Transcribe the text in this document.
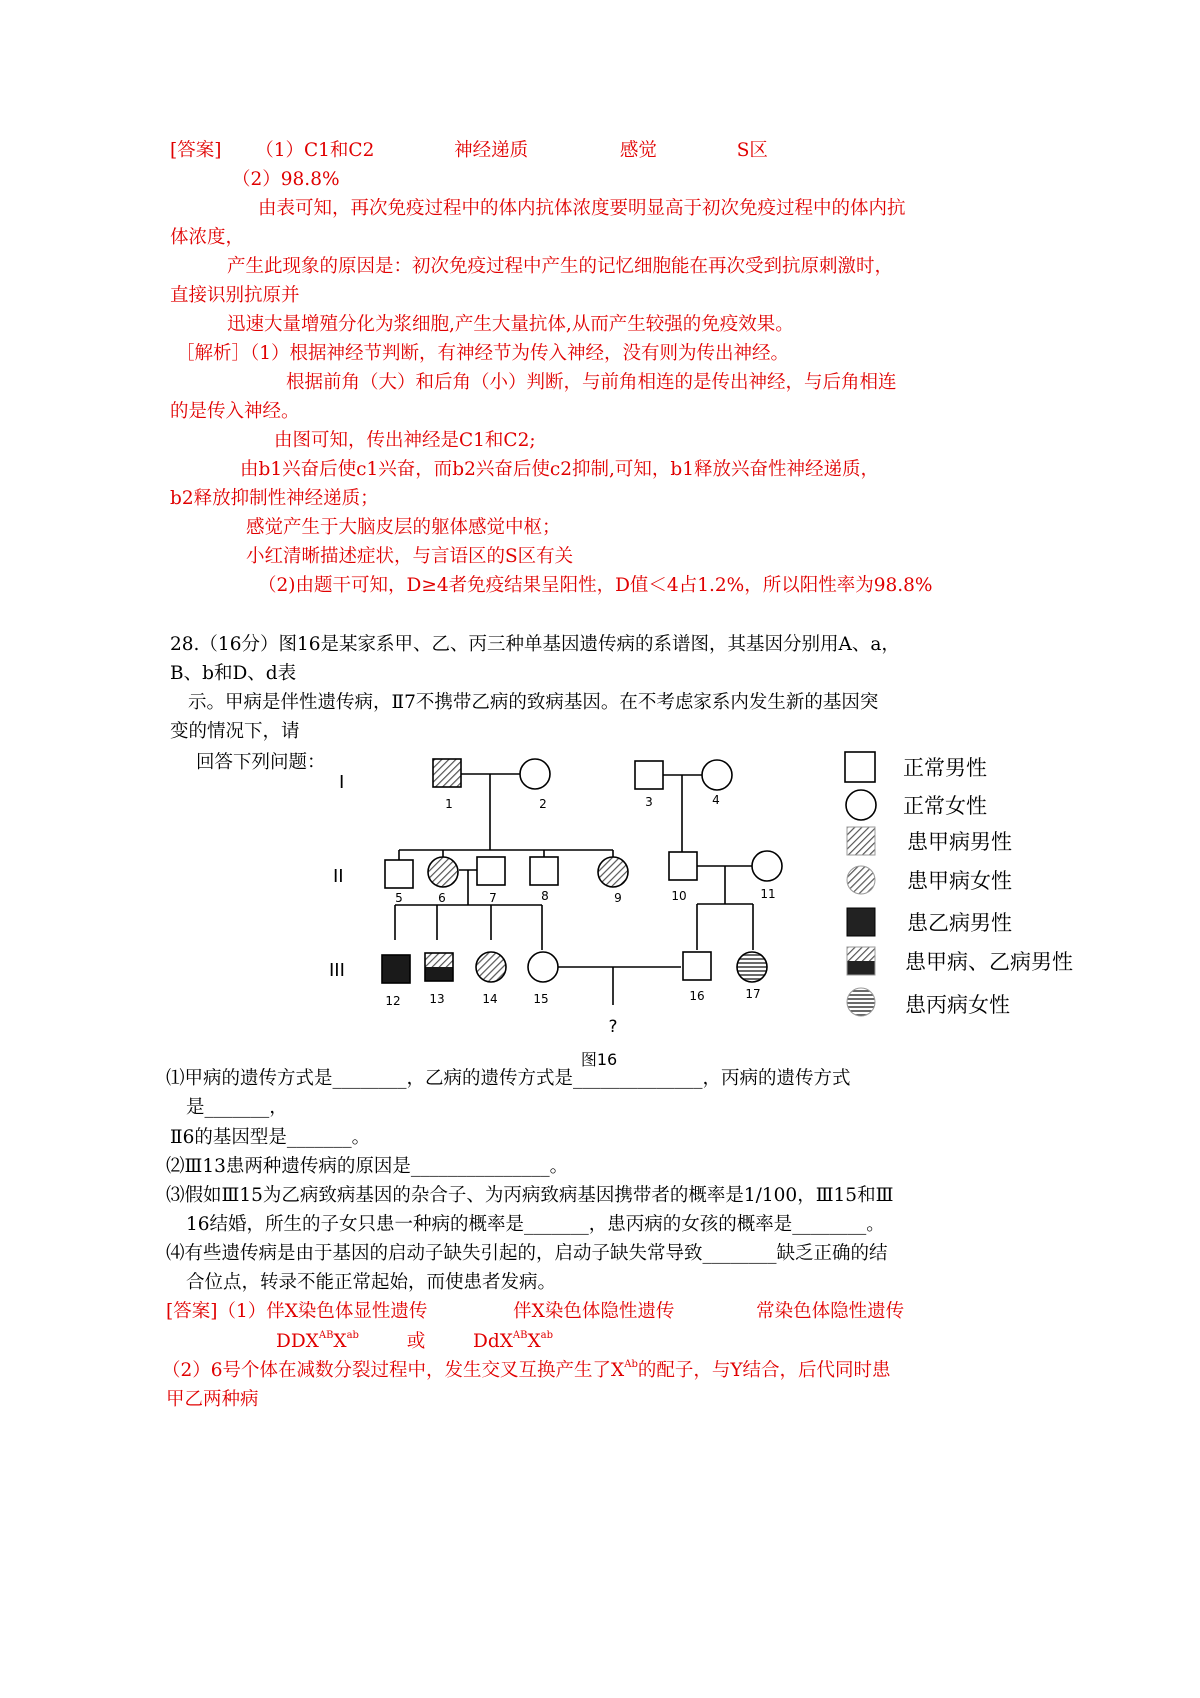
[答案] （1）C1和C2	神经递质	感觉	S区
（2）98.8%
由表可知，再次免疫过程中的体内抗体浓度要明显高于初次免疫过程中的体内抗
体浓度，
产生此现象的原因是：初次免疫过程中产生的记忆细胞能在再次受到抗原刺激时，
直接识别抗原并
迅速大量增殖分化为浆细胞,产生大量抗体,从而产生较强的免疫效果。
［解析］（1）根据神经节判断，有神经节为传入神经，没有则为传出神经。
根据前角（大）和后角（小）判断，与前角相连的是传出神经，与后角相连
的是传入神经。
由图可知，传出神经是C1和C2;
由b1兴奋后使c1兴奋，而b2兴奋后使c2抑制,可知，b1释放兴奋性神经递质，
b2释放抑制性神经递质；
感觉产生于大脑皮层的躯体感觉中枢；
小红清晰描述症状，与言语区的S区有关
（2)由题干可知，D≥4者免疫结果呈阳性，D值＜4占1.2%，所以阳性率为98.8%
28.（16分）图16是某家系甲、乙、丙三种单基因遗传病的系谱图，其基因分别用A、a，
B、b和D、d表
示。甲病是伴性遗传病，Ⅱ7不携带乙病的致病基因。在不考虑家系内发生新的基因突
变的情况下，请
回答下列问题：
I
II
III
1	2	3	4
5	6	7	8	9	10	11
12 13	14	15	16	17
?
图16
正常男性
正常女性
患甲病男性
患甲病女性
患乙病男性
患甲病、乙病男性
患丙病女性
⑴甲病的遗传方式是________，乙病的遗传方式是______________，丙病的遗传方式
是_______，
Ⅱ6的基因型是_______。
⑵Ⅲ13患两种遗传病的原因是_______________。
⑶假如Ⅲ15为乙病致病基因的杂合子、为丙病致病基因携带者的概率是1/100，Ⅲ15和Ⅲ
16结婚，所生的子女只患一种病的概率是_______，患丙病的女孩的概率是________。
⑷有些遗传病是由于基因的启动子缺失引起的，启动子缺失常导致________缺乏正确的结
合位点，转录不能正常起始，而使患者发病。
[答案]（1）伴X染色体显性遗传	伴X染色体隐性遗传	常染色体隐性遗传
$DDX^{AB}X^{ab}$	或	$DdX^{AB}X^{ab}$
（2）6号个体在减数分裂过程中，发生交叉互换产生了$X^{Ab}$的配子，与Y结合，后代同时患
甲乙两种病
